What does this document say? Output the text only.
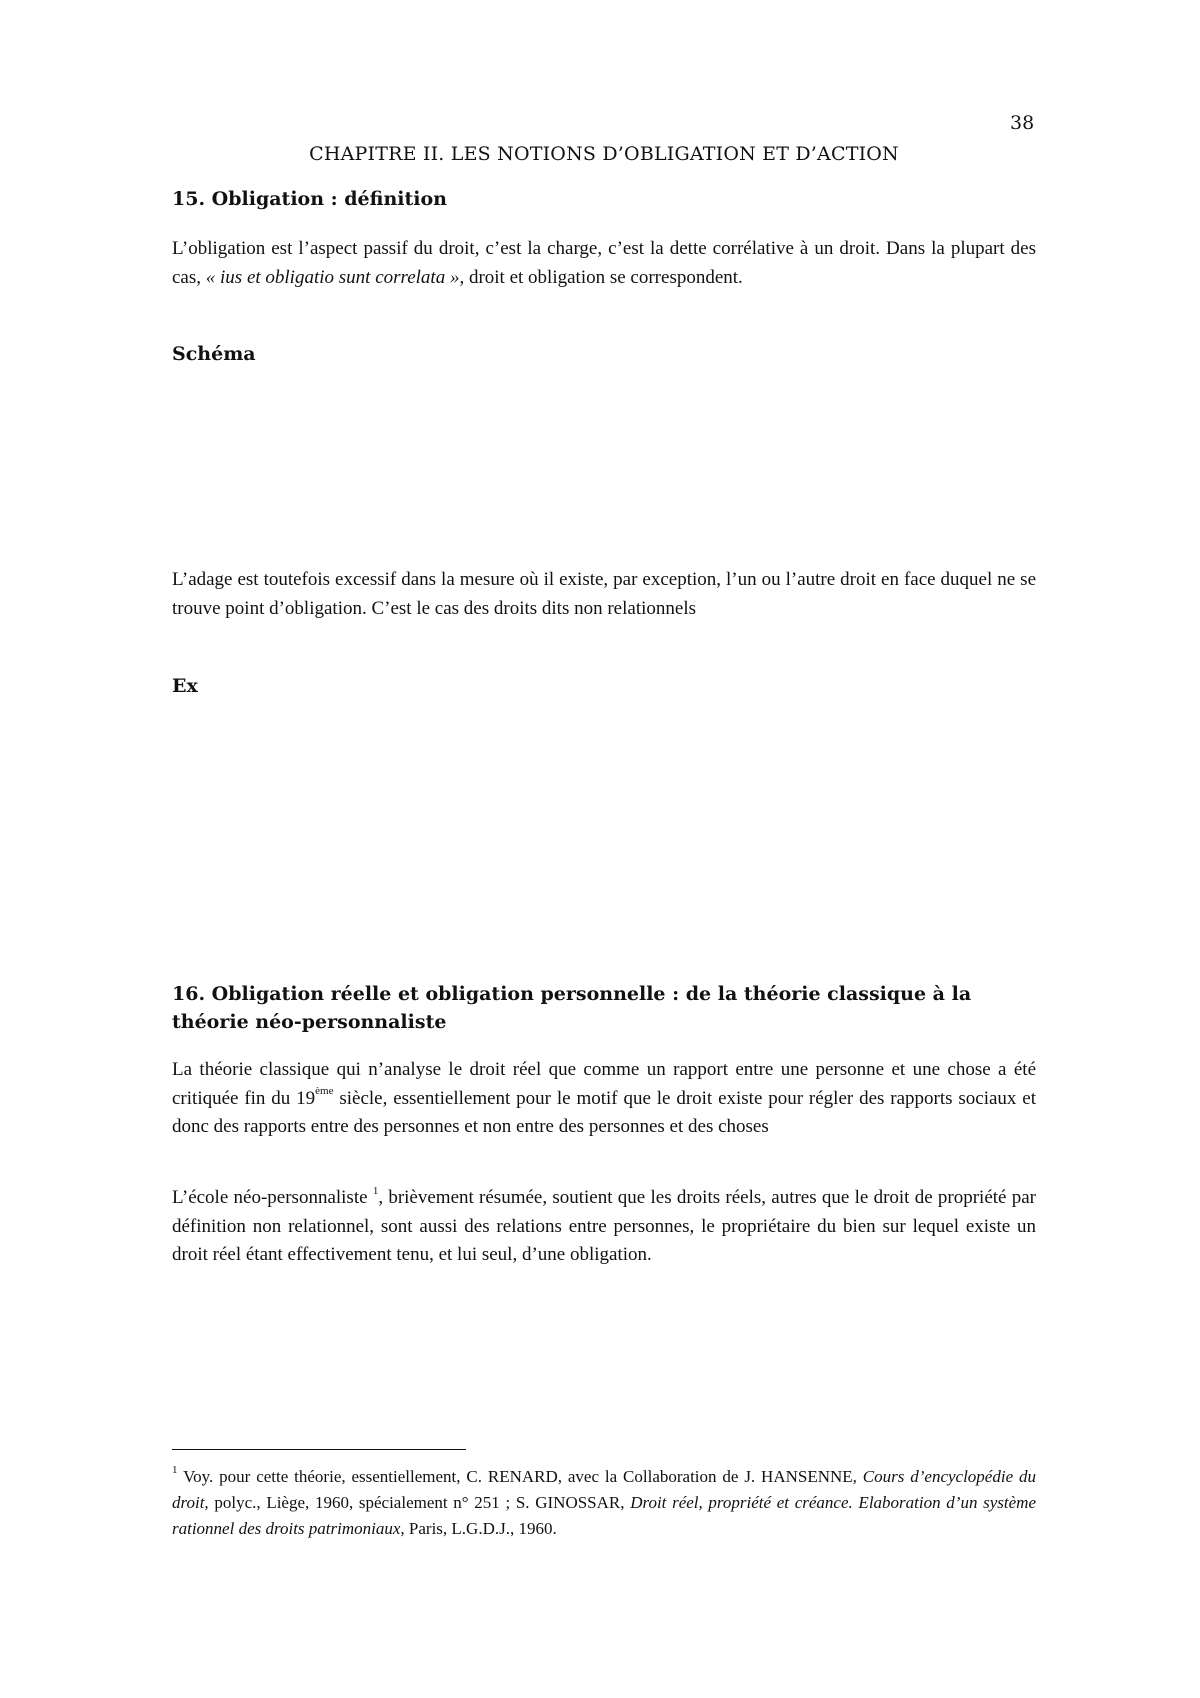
38
CHAPITRE II. LES NOTIONS D’OBLIGATION ET D’ACTION
15. Obligation : définition
L’obligation est l’aspect passif du droit, c’est la charge, c’est la dette corrélative à un droit. Dans la plupart des cas, « ius et obligatio sunt correlata », droit et obligation se correspondent.
Schéma
L’adage est toutefois excessif dans la mesure où il existe, par exception, l’un ou l’autre droit en face duquel ne se trouve point d’obligation. C’est le cas des droits dits non relationnels
Ex
16. Obligation réelle et obligation personnelle : de la théorie classique à la théorie néo-personnaliste
La théorie classique qui n’analyse le droit réel que comme un rapport entre une personne et une chose a été critiquée fin du 19ème siècle, essentiellement pour le motif que le droit existe pour régler des rapports sociaux et donc des rapports entre des personnes et non entre des personnes et des choses
L’école néo-personnaliste $^1$, brièvement résumée, soutient que les droits réels, autres que le droit de propriété par définition non relationnel, sont aussi des relations entre personnes, le propriétaire du bien sur lequel existe un droit réel étant effectivement tenu, et lui seul, d’une obligation.
$^1$ Voy. pour cette théorie, essentiellement, C. RENARD, avec la Collaboration de J. HANSENNE, Cours d’encyclopédie du droit, polyc., Liège, 1960, spécialement n° 251 ; S. GINOSSAR, Droit réel, propriété et créance. Elaboration d’un système rationnel des droits patrimoniaux, Paris, L.G.D.J., 1960.
